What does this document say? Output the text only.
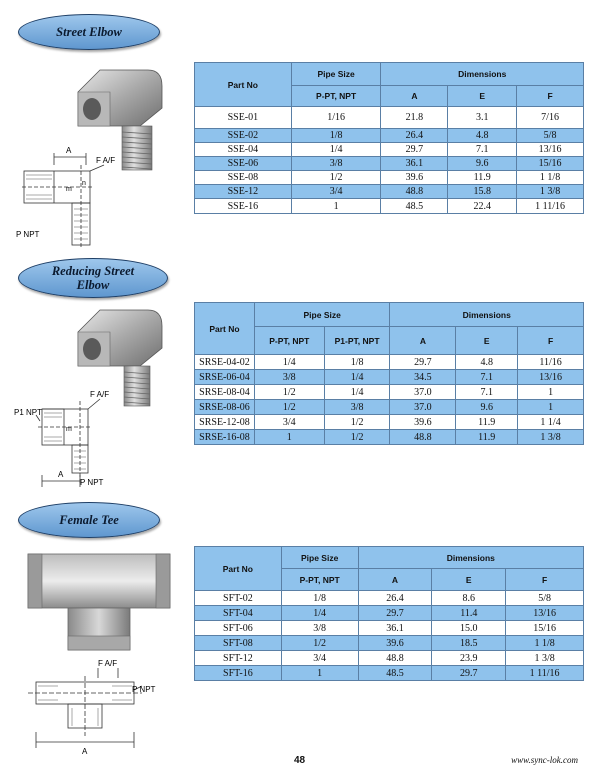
Street Elbow
A
F A/F
m
n
P NPT
Part No	Pipe Size	Dimensions		
	P-PT, NPT	A	E	F
SSE-01	1/16	21.8	3.1	7/16
SSE-02	1/8	26.4	4.8	5/8
SSE-04	1/4	29.7	7.1	13/16
SSE-06	3/8	36.1	9.6	15/16
SSE-08	1/2	39.6	11.9	1 1/8
SSE-12	3/4	48.8	15.8	1 3/8
SSE-16	1	48.5	22.4	1 11/16
Reducing Street
Elbow
F A/F
P1 NPT
m
A
P NPT
Part No	Pipe Size		Dimensions		
	P-PT, NPT	P1-PT, NPT	A	E	F
SRSE-04-02	1/4	1/8	29.7	4.8	11/16
SRSE-06-04	3/8	1/4	34.5	7.1	13/16
SRSE-08-04	1/2	1/4	37.0	7.1	1
SRSE-08-06	1/2	3/8	37.0	9.6	1
SRSE-12-08	3/4	1/2	39.6	11.9	1 1/4
SRSE-16-08	1	1/2	48.8	11.9	1 3/8
Female Tee
F A/F
P NPT
A
Part No	Pipe Size	Dimensions		
	P-PT, NPT	A	E	F
SFT-02	1/8	26.4	8.6	5/8
SFT-04	1/4	29.7	11.4	13/16
SFT-06	3/8	36.1	15.0	15/16
SFT-08	1/2	39.6	18.5	1 1/8
SFT-12	3/4	48.8	23.9	1 3/8
SFT-16	1	48.5	29.7	1 11/16
48	www.sync-lok.com
